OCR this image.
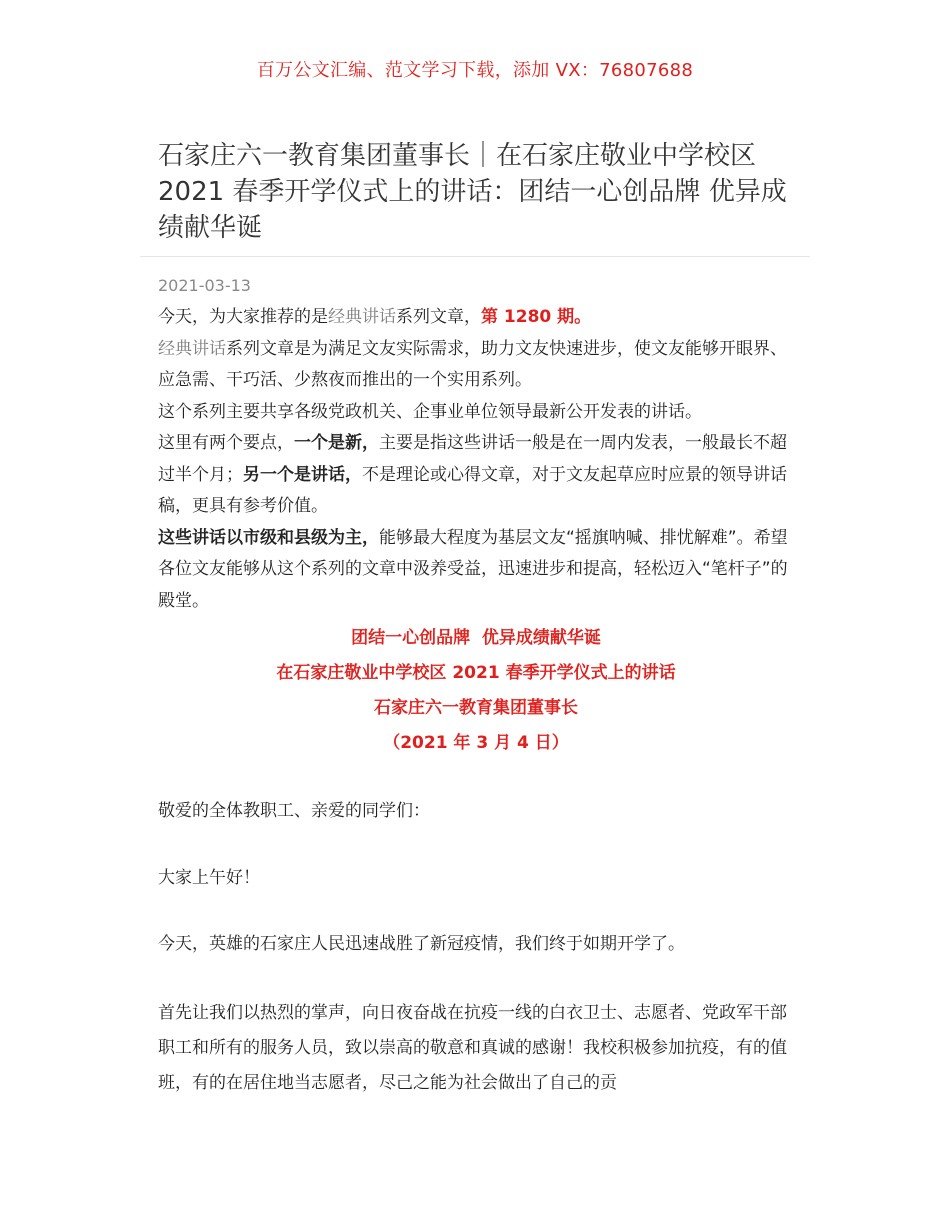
百万公文汇编、范文学习下载，添加 VX：76807688
石家庄六一教育集团董事长｜在石家庄敬业中学校区 2021 春季开学仪式上的讲话：团结一心创品牌 优异成绩献华诞
2021-03-13

今天，为大家推荐的是经典讲话系列文章，第 1280 期。

经典讲话系列文章是为满足文友实际需求，助力文友快速进步，使文友能够开眼界、应急需、干巧活、少熬夜而推出的一个实用系列。

这个系列主要共享各级党政机关、企事业单位领导最新公开发表的讲话。

这里有两个要点，一个是新，主要是指这些讲话一般是在一周内发表，一般最长不超过半个月；另一个是讲话，不是理论或心得文章，对于文友起草应时应景的领导讲话稿，更具有参考价值。

这些讲话以市级和县级为主，能够最大程度为基层文友“摇旗呐喊、排忧解难”。希望各位文友能够从这个系列的文章中汲养受益，迅速进步和提高，轻松迈入“笔杆子”的殿堂。

团结一心创品牌  优异成绩献华诞
在石家庄敬业中学校区 2021 春季开学仪式上的讲话
石家庄六一教育集团董事长
（2021 年 3 月 4 日）

敬爱的全体教职工、亲爱的同学们：

大家上午好！

今天，英雄的石家庄人民迅速战胜了新冠疫情，我们终于如期开学了。

首先让我们以热烈的掌声，向日夜奋战在抗疫一线的白衣卫士、志愿者、党政军干部职工和所有的服务人员，致以崇高的敬意和真诚的感谢！我校积极参加抗疫，有的值班，有的在居住地当志愿者，尽己之能为社会做出了自己的贡
